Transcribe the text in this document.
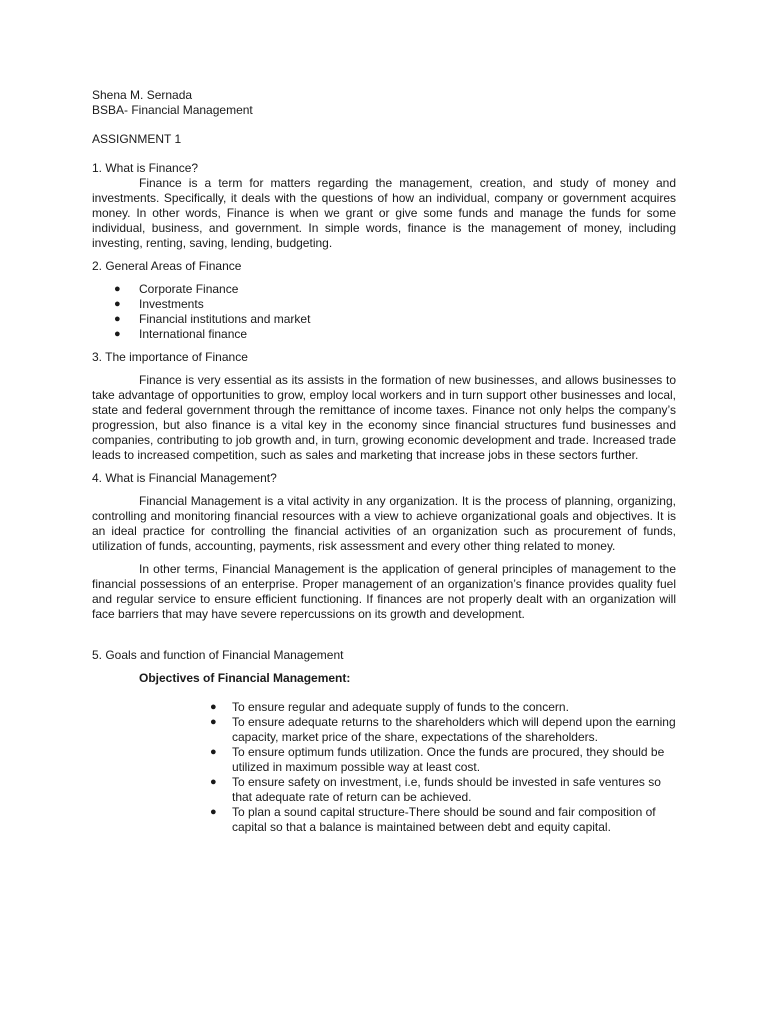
Shena M. Sernada

BSBA- Financial Management

ASSIGNMENT 1

1. What is Finance?

Finance is a term for matters regarding the management, creation, and study of money and investments. Specifically, it deals with the questions of how an individual, company or government acquires money. In other words, Finance is when we grant or give some funds and manage the funds for some individual, business, and government. In simple words, finance is the management of money, including investing, renting, saving, lending, budgeting.

2. General Areas of Finance

● Corporate Finance
● Investments
● Financial institutions and market
● International finance

3. The importance of Finance

Finance is very essential as its assists in the formation of new businesses, and allows businesses to take advantage of opportunities to grow, employ local workers and in turn support other businesses and local, state and federal government through the remittance of income taxes. Finance not only helps the company’s progression, but also finance is a vital key in the economy since financial structures fund businesses and companies, contributing to job growth and, in turn, growing economic development and trade. Increased trade leads to increased competition, such as sales and marketing that increase jobs in these sectors further.

4. What is Financial Management?

Financial Management is a vital activity in any organization. It is the process of planning, organizing, controlling and monitoring financial resources with a view to achieve organizational goals and objectives. It is an ideal practice for controlling the financial activities of an organization such as procurement of funds, utilization of funds, accounting, payments, risk assessment and every other thing related to money.

In other terms, Financial Management is the application of general principles of management to the financial possessions of an enterprise. Proper management of an organization’s finance provides quality fuel and regular service to ensure efficient functioning. If finances are not properly dealt with an organization will face barriers that may have severe repercussions on its growth and development.

5. Goals and function of Financial Management

Objectives of Financial Management:

● To ensure regular and adequate supply of funds to the concern.
● To ensure adequate returns to the shareholders which will depend upon the earning capacity, market price of the share, expectations of the shareholders.
● To ensure optimum funds utilization. Once the funds are procured, they should be utilized in maximum possible way at least cost.
● To ensure safety on investment, i.e, funds should be invested in safe ventures so that adequate rate of return can be achieved.
● To plan a sound capital structure-There should be sound and fair composition of capital so that a balance is maintained between debt and equity capital.
